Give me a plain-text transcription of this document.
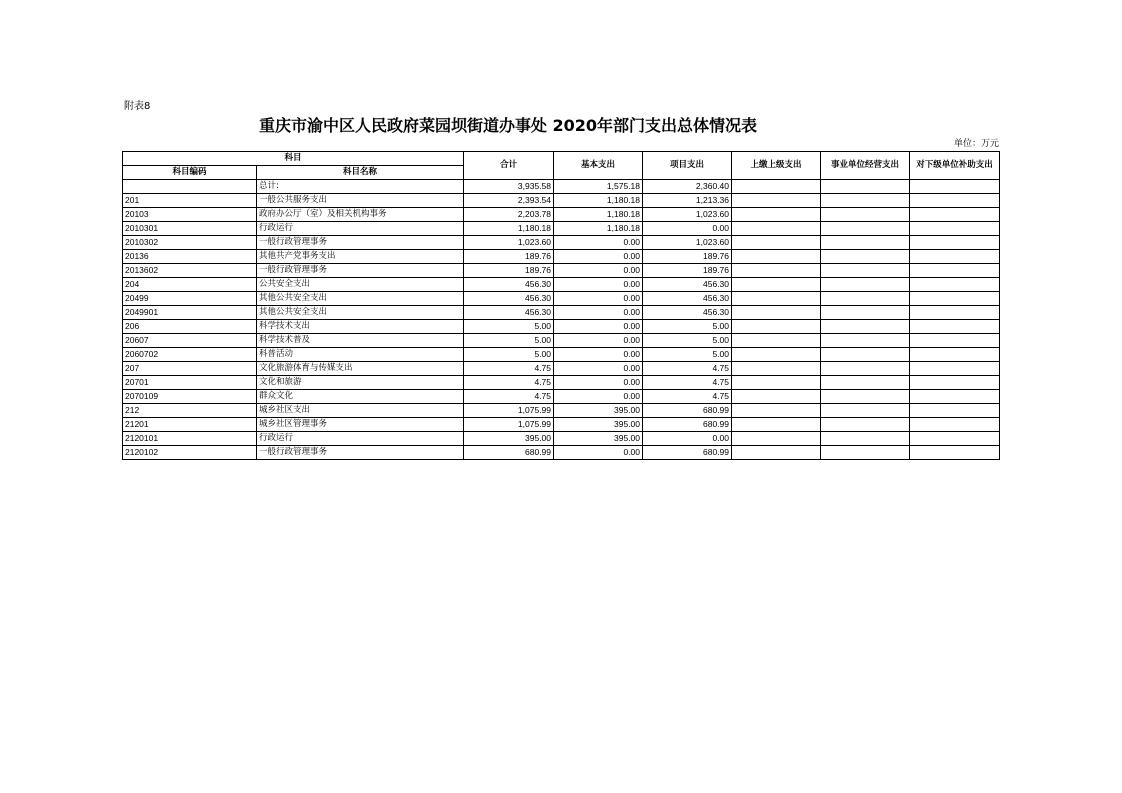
附表8
重庆市渝中区人民政府菜园坝街道办事处 2020年部门支出总体情况表
单位：万元
科目		合计	基本支出	项目支出	上缴上级支出	事业单位经营支出	对下级单位补助支出
科目编码	科目名称						
	总计:	3,935.58	1,575.18	2,360.40			
201	一般公共服务支出	2,393.54	1,180.18	1,213.36			
20103	政府办公厅（室）及相关机构事务	2,203.78	1,180.18	1,023.60			
2010301	行政运行	1,180.18	1,180.18	0.00			
2010302	一般行政管理事务	1,023.60	0.00	1,023.60			
20136	其他共产党事务支出	189.76	0.00	189.76			
2013602	一般行政管理事务	189.76	0.00	189.76			
204	公共安全支出	456.30	0.00	456.30			
20499	其他公共安全支出	456.30	0.00	456.30			
2049901	其他公共安全支出	456.30	0.00	456.30			
206	科学技术支出	5.00	0.00	5.00			
20607	科学技术普及	5.00	0.00	5.00			
2060702	科普活动	5.00	0.00	5.00			
207	文化旅游体育与传媒支出	4.75	0.00	4.75			
20701	文化和旅游	4.75	0.00	4.75			
2070109	群众文化	4.75	0.00	4.75			
212	城乡社区支出	1,075.99	395.00	680.99			
21201	城乡社区管理事务	1,075.99	395.00	680.99			
2120101	行政运行	395.00	395.00	0.00			
2120102	一般行政管理事务	680.99	0.00	680.99			
